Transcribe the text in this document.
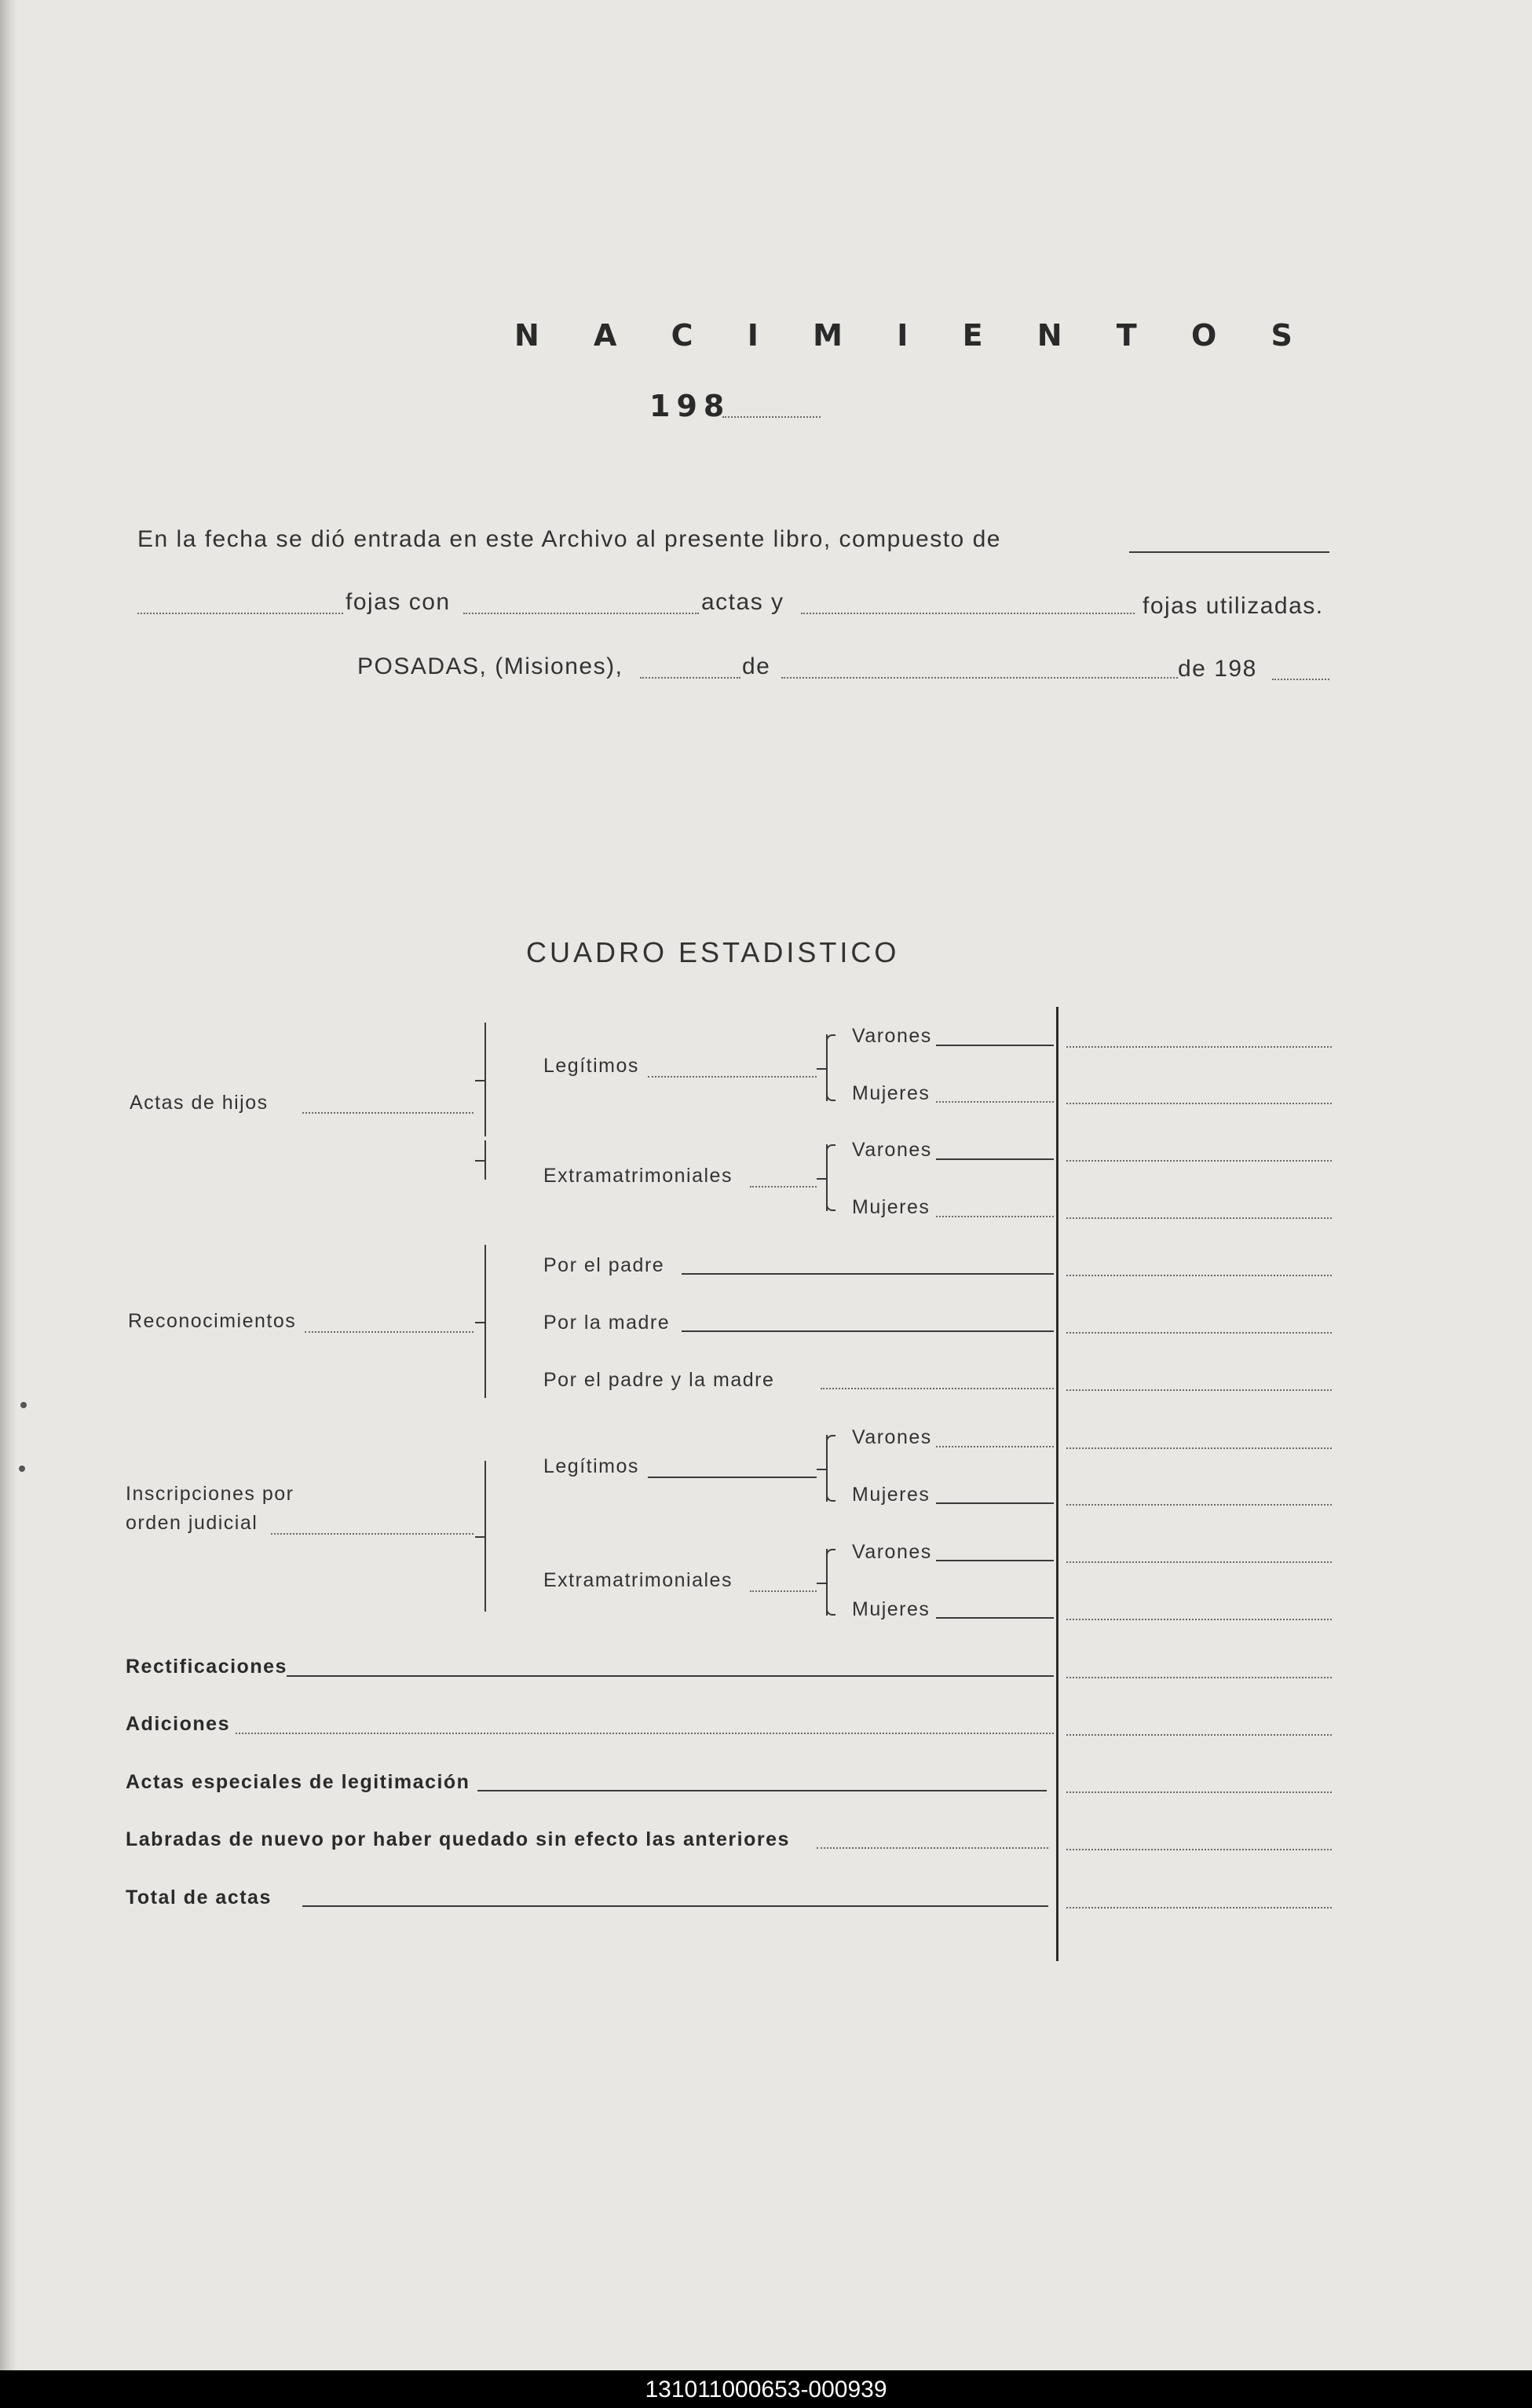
N A C I M I E N T O S
198
En la fecha se dió entrada en este Archivo al presente libro, compuesto de
fojas con	actas y	fojas utilizadas.
POSADAS, (Misiones),	de	de 198
CUADRO ESTADISTICO
Actas de hijos
Legítimos
Varones
Mujeres
Extramatrimoniales
Varones
Mujeres
Reconocimientos
Por el padre
Por la madre
Por el padre y la madre
Inscripciones por
orden judicial
Legítimos
Varones
Mujeres
Extramatrimoniales
Varones
Mujeres
Rectificaciones
Adiciones
Actas especiales de legitimación
Labradas de nuevo por haber quedado sin efecto las anteriores
Total de actas
131011000653-000939
